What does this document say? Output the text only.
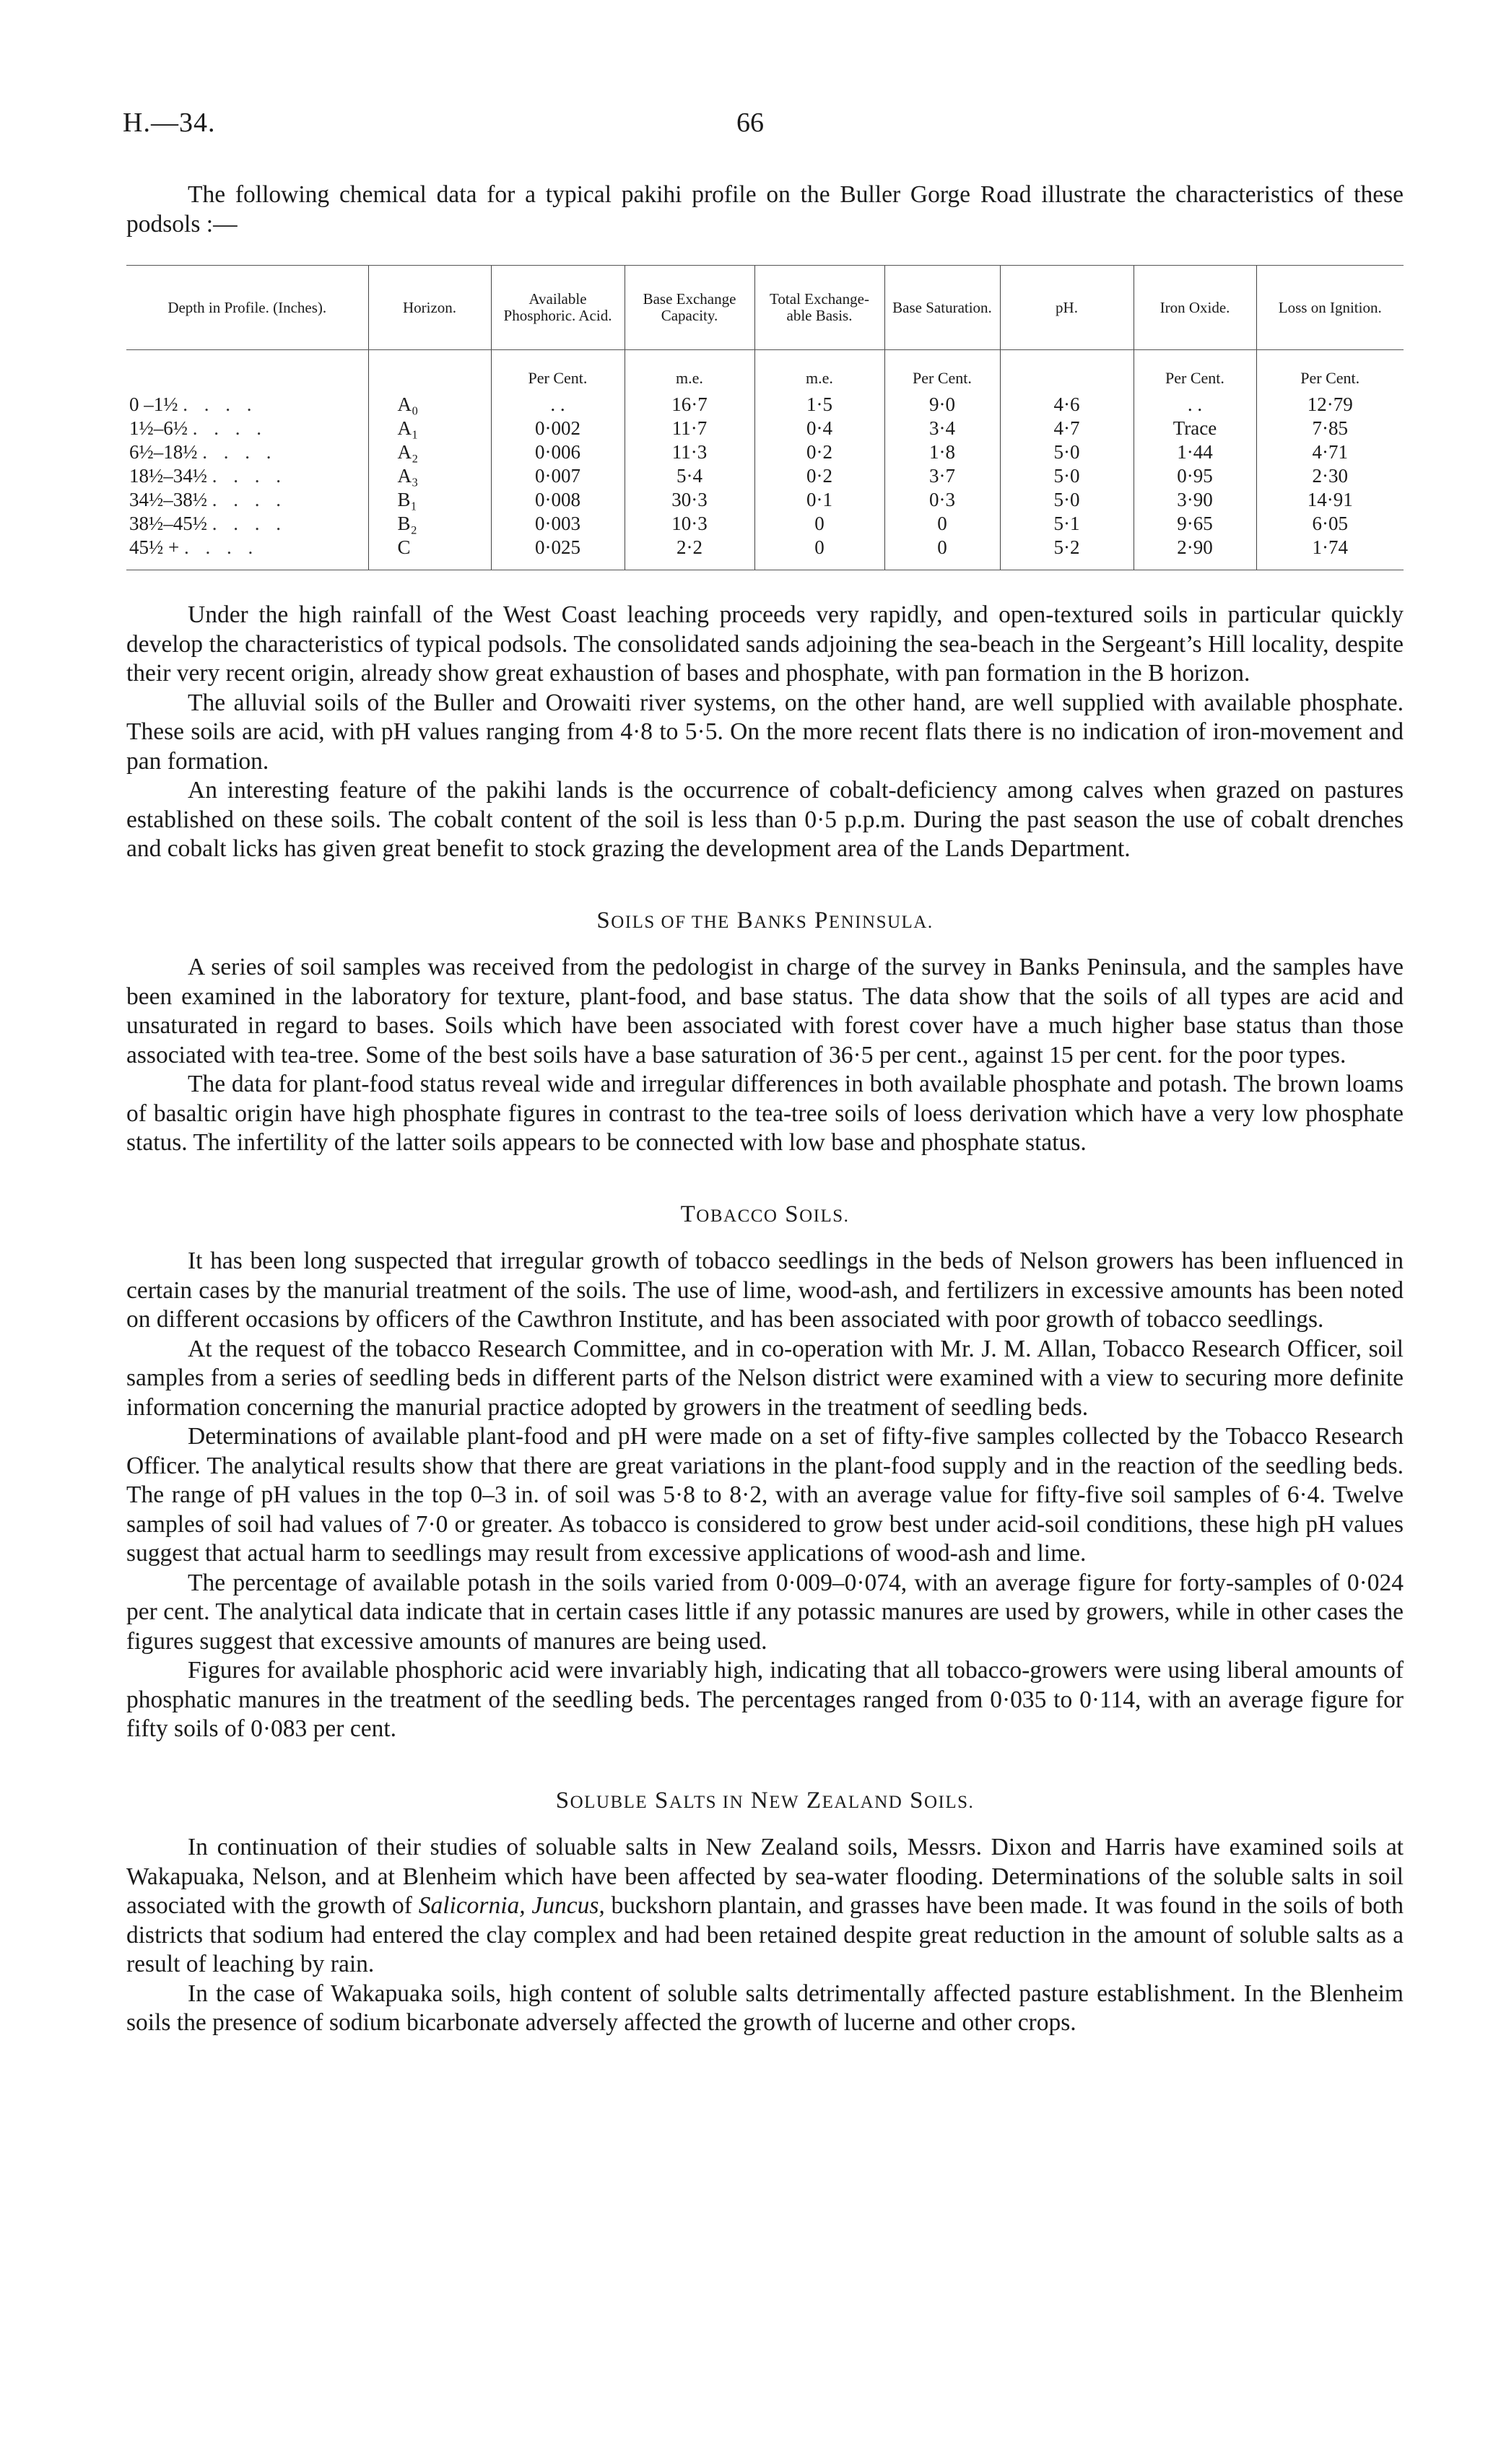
H.—34.	66

The following chemical data for a typical pakihi profile on the Buller Gorge Road illustrate the characteristics of these podsols :—

Depth in Profile. (Inches).	Horizon.	Available Phosphoric. Acid.	Base Exchange Capacity.	Total Exchange- able Basis.	Base Saturation.	pH.	Iron Oxide.	Loss on Ignition.
		Per Cent.	m.e.	m.e.	Per Cent.		Per Cent.	Per Cent.
0 –1½ . . . .	A₀	. .	16·7	1·5	9·0	4·6	. .	12·79
1½–6½ . . . .	A₁	0·002	11·7	0·4	3·4	4·7	Trace	7·85
6½–18½ . . . .	A₂	0·006	11·3	0·2	1·8	5·0	1·44	4·71
18½–34½ . . . .	A₃	0·007	5·4	0·2	3·7	5·0	0·95	2·30
34½–38½ . . . .	B₁	0·008	30·3	0·1	0·3	5·0	3·90	14·91
38½–45½ . . . .	B₂	0·003	10·3	0	0	5·1	9·65	6·05
45½ + . . . .	C	0·025	2·2	0	0	5·2	2·90	1·74

Under the high rainfall of the West Coast leaching proceeds very rapidly, and open-textured soils in particular quickly develop the characteristics of typical podsols. The consolidated sands adjoining the sea-beach in the Sergeant’s Hill locality, despite their very recent origin, already show great exhaustion of bases and phosphate, with pan formation in the B horizon.

The alluvial soils of the Buller and Orowaiti river systems, on the other hand, are well supplied with available phosphate. These soils are acid, with pH values ranging from 4·8 to 5·5. On the more recent flats there is no indication of iron-movement and pan formation.

An interesting feature of the pakihi lands is the occurrence of cobalt-deficiency among calves when grazed on pastures established on these soils. The cobalt content of the soil is less than 0·5 p.p.m. During the past season the use of cobalt drenches and cobalt licks has given great benefit to stock grazing the development area of the Lands Department.

SOILS OF THE BANKS PENINSULA.

A series of soil samples was received from the pedologist in charge of the survey in Banks Peninsula, and the samples have been examined in the laboratory for texture, plant-food, and base status. The data show that the soils of all types are acid and unsaturated in regard to bases. Soils which have been associated with forest cover have a much higher base status than those associated with tea-tree. Some of the best soils have a base saturation of 36·5 per cent., against 15 per cent. for the poor types.

The data for plant-food status reveal wide and irregular differences in both available phosphate and potash. The brown loams of basaltic origin have high phosphate figures in contrast to the tea-tree soils of loess derivation which have a very low phosphate status. The infertility of the latter soils appears to be connected with low base and phosphate status.

TOBACCO SOILS.

It has been long suspected that irregular growth of tobacco seedlings in the beds of Nelson growers has been influenced in certain cases by the manurial treatment of the soils. The use of lime, wood-ash, and fertilizers in excessive amounts has been noted on different occasions by officers of the Cawthron Institute, and has been associated with poor growth of tobacco seedlings.

At the request of the tobacco Research Committee, and in co-operation with Mr. J. M. Allan, Tobacco Research Officer, soil samples from a series of seedling beds in different parts of the Nelson district were examined with a view to securing more definite information concerning the manurial practice adopted by growers in the treatment of seedling beds.

Determinations of available plant-food and pH were made on a set of fifty-five samples collected by the Tobacco Research Officer. The analytical results show that there are great variations in the plant-food supply and in the reaction of the seedling beds. The range of pH values in the top 0–3 in. of soil was 5·8 to 8·2, with an average value for fifty-five soil samples of 6·4. Twelve samples of soil had values of 7·0 or greater. As tobacco is considered to grow best under acid-soil conditions, these high pH values suggest that actual harm to seedlings may result from excessive applications of wood-ash and lime.

The percentage of available potash in the soils varied from 0·009–0·074, with an average figure for forty-samples of 0·024 per cent. The analytical data indicate that in certain cases little if any potassic manures are used by growers, while in other cases the figures suggest that excessive amounts of manures are being used.

Figures for available phosphoric acid were invariably high, indicating that all tobacco-growers were using liberal amounts of phosphatic manures in the treatment of the seedling beds. The percentages ranged from 0·035 to 0·114, with an average figure for fifty soils of 0·083 per cent.

SOLUBLE SALTS IN NEW ZEALAND SOILS.

In continuation of their studies of soluable salts in New Zealand soils, Messrs. Dixon and Harris have examined soils at Wakapuaka, Nelson, and at Blenheim which have been affected by sea-water flooding. Determinations of the soluble salts in soil associated with the growth of Salicornia, Juncus, buckshorn plantain, and grasses have been made. It was found in the soils of both districts that sodium had entered the clay complex and had been retained despite great reduction in the amount of soluble salts as a result of leaching by rain.

In the case of Wakapuaka soils, high content of soluble salts detrimentally affected pasture establishment. In the Blenheim soils the presence of sodium bicarbonate adversely affected the growth of lucerne and other crops.
